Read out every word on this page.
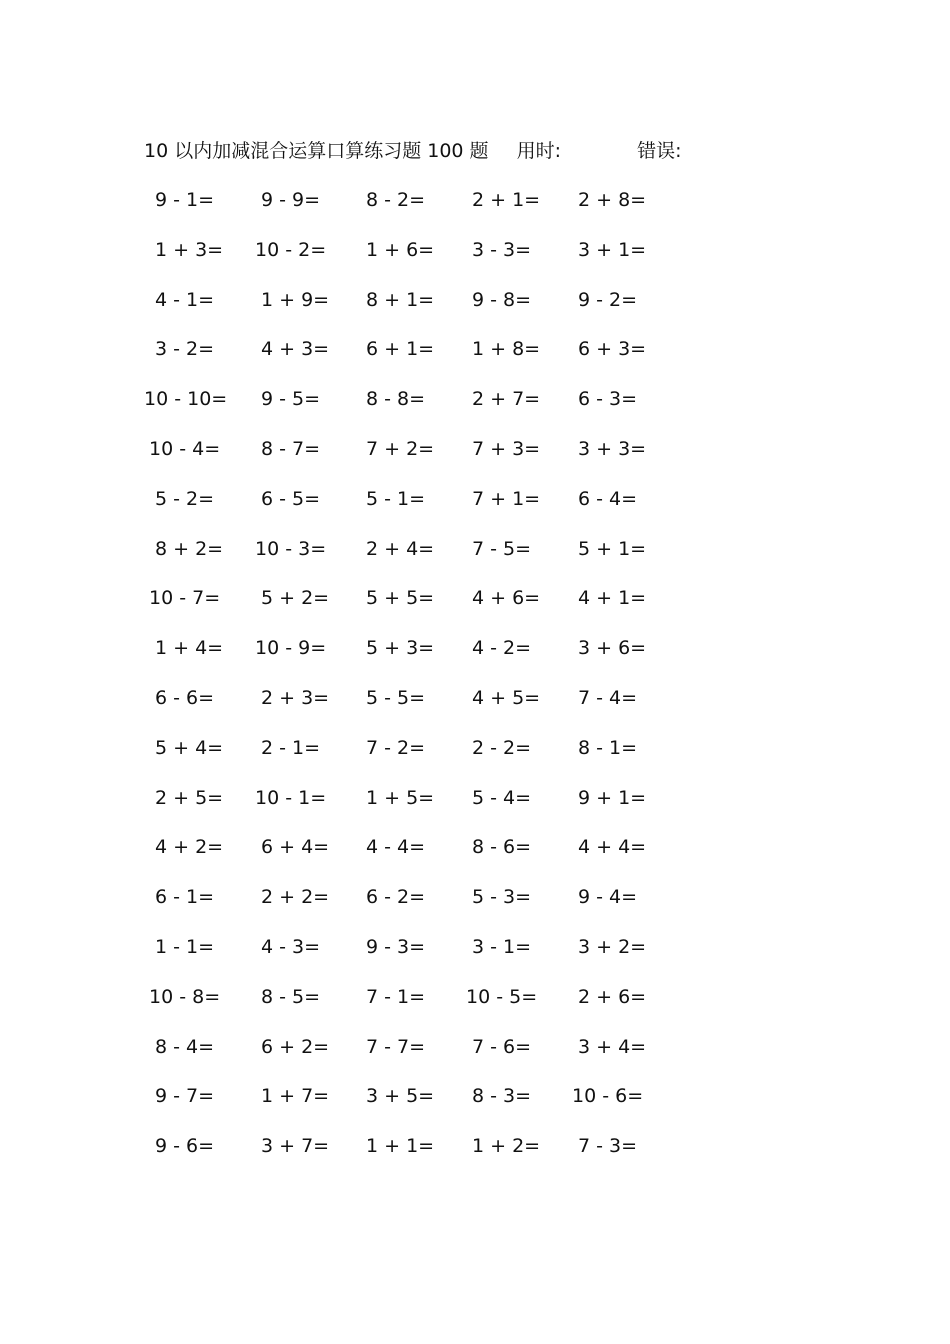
10 以内加减混合运算口算练习题 100 题 用时:	错误:
9 - 1= 9 - 9= 8 - 2= 2 + 1= 2 + 8=
1 + 3= 10 - 2= 1 + 6= 3 - 3= 3 + 1=
4 - 1= 1 + 9= 8 + 1= 9 - 8= 9 - 2=
3 - 2= 4 + 3= 6 + 1= 1 + 8= 6 + 3=
10 - 10= 9 - 5= 8 - 8= 2 + 7= 6 - 3=
10 - 4= 8 - 7= 7 + 2= 7 + 3= 3 + 3=
5 - 2= 6 - 5= 5 - 1= 7 + 1= 6 - 4=
8 + 2= 10 - 3= 2 + 4= 7 - 5= 5 + 1=
10 - 7= 5 + 2= 5 + 5= 4 + 6= 4 + 1=
1 + 4= 10 - 9= 5 + 3= 4 - 2= 3 + 6=
6 - 6= 2 + 3= 5 - 5= 4 + 5= 7 - 4=
5 + 4= 2 - 1= 7 - 2= 2 - 2= 8 - 1=
2 + 5= 10 - 1= 1 + 5= 5 - 4= 9 + 1=
4 + 2= 6 + 4= 4 - 4= 8 - 6= 4 + 4=
6 - 1= 2 + 2= 6 - 2= 5 - 3= 9 - 4=
1 - 1= 4 - 3= 9 - 3= 3 - 1= 3 + 2=
10 - 8= 8 - 5= 7 - 1= 10 - 5= 2 + 6=
8 - 4= 6 + 2= 7 - 7= 7 - 6= 3 + 4=
9 - 7= 1 + 7= 3 + 5= 8 - 3= 10 - 6=
9 - 6= 3 + 7= 1 + 1= 1 + 2= 7 - 3=
